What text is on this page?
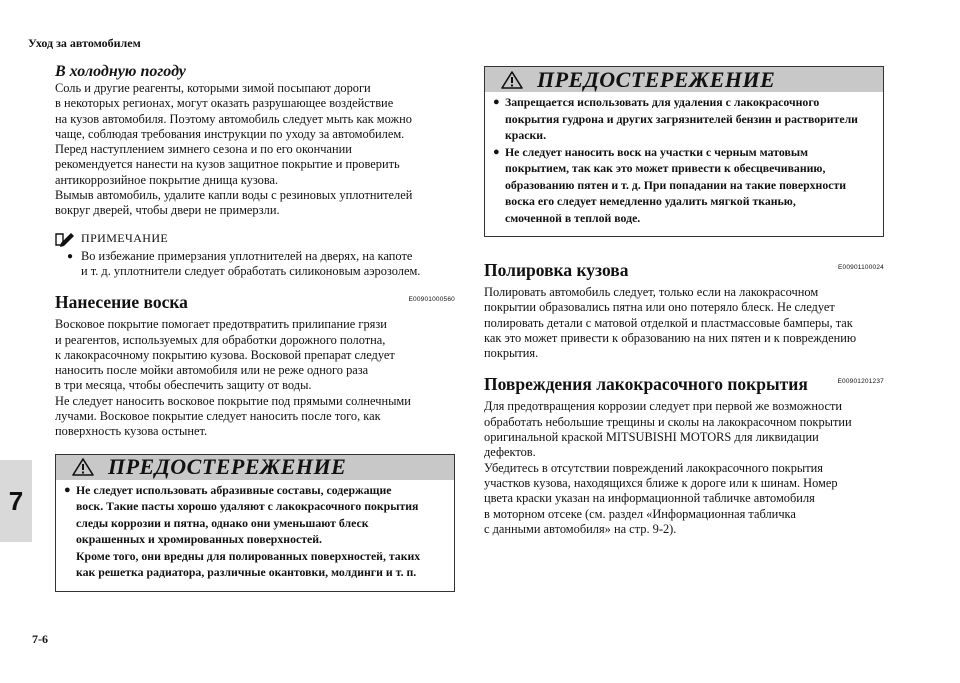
Уход за автомобилем
7-6
7
В холодную погоду

Соль и другие реагенты, которыми зимой посыпают дороги
в некоторых регионах, могут оказать разрушающее воздействие
на кузов автомобиля. Поэтому автомобиль следует мыть как можно
чаще, соблюдая требования инструкции по уходу за автомобилем.
Перед наступлением зимнего сезона и по его окончании
рекомендуется нанести на кузов защитное покрытие и проверить
антикоррозийное покрытие днища кузова.
Вымыв автомобиль, удалите капли воды с резиновых уплотнителей
вокруг дверей, чтобы двери не примерзли.

ПРИМЕЧАНИЕ
● Во избежание примерзания уплотнителей на дверях, на капоте
и т. д. уплотнители следует обработать силиконовым аэрозолем.
Нанесение воска	E00901000560

Восковое покрытие помогает предотвратить прилипание грязи
и реагентов, используемых для обработки дорожного полотна,
к лакокрасочному покрытию кузова. Восковой препарат следует
наносить после мойки автомобиля или не реже одного раза
в три месяца, чтобы обеспечить защиту от воды.
Не следует наносить восковое покрытие под прямыми солнечными
лучами. Восковое покрытие следует наносить после того, как
поверхность кузова остынет.

ПРЕДОСТЕРЕЖЕНИЕ
● Не следует использовать абразивные составы, содержащие
воск. Такие пасты хорошо удаляют с лакокрасочного покрытия
следы коррозии и пятна, однако они уменьшают блеск
окрашенных и хромированных поверхностей.
Кроме того, они вредны для полированных поверхностей, таких
как решетка радиатора, различные окантовки, молдинги и т. п.
ПРЕДОСТЕРЕЖЕНИЕ
● Запрещается использовать для удаления с лакокрасочного
покрытия гудрона и других загрязнителей бензин и растворители
краски.
● Не следует наносить воск на участки с черным матовым
покрытием, так как это может привести к обесцвечиванию,
образованию пятен и т. д. При попадании на такие поверхности
воска его следует немедленно удалить мягкой тканью,
смоченной в теплой воде.
Полировка кузова	E00901100024

Полировать автомобиль следует, только если на лакокрасочном
покрытии образовались пятна или оно потеряло блеск. Не следует
полировать детали с матовой отделкой и пластмассовые бамперы, так
как это может привести к образованию на них пятен и к повреждению
покрытия.

Повреждения лакокрасочного покрытия	E00901201237

Для предотвращения коррозии следует при первой же возможности
обработать небольшие трещины и сколы на лакокрасочном покрытии
оригинальной краской MITSUBISHI MOTORS для ликвидации
дефектов.
Убедитесь в отсутствии повреждений лакокрасочного покрытия
участков кузова, находящихся ближе к дороге или к шинам. Номер
цвета краски указан на информационной табличке автомобиля
в моторном отсеке (см. раздел «Информационная табличка
с данными автомобиля» на стр. 9-2).
